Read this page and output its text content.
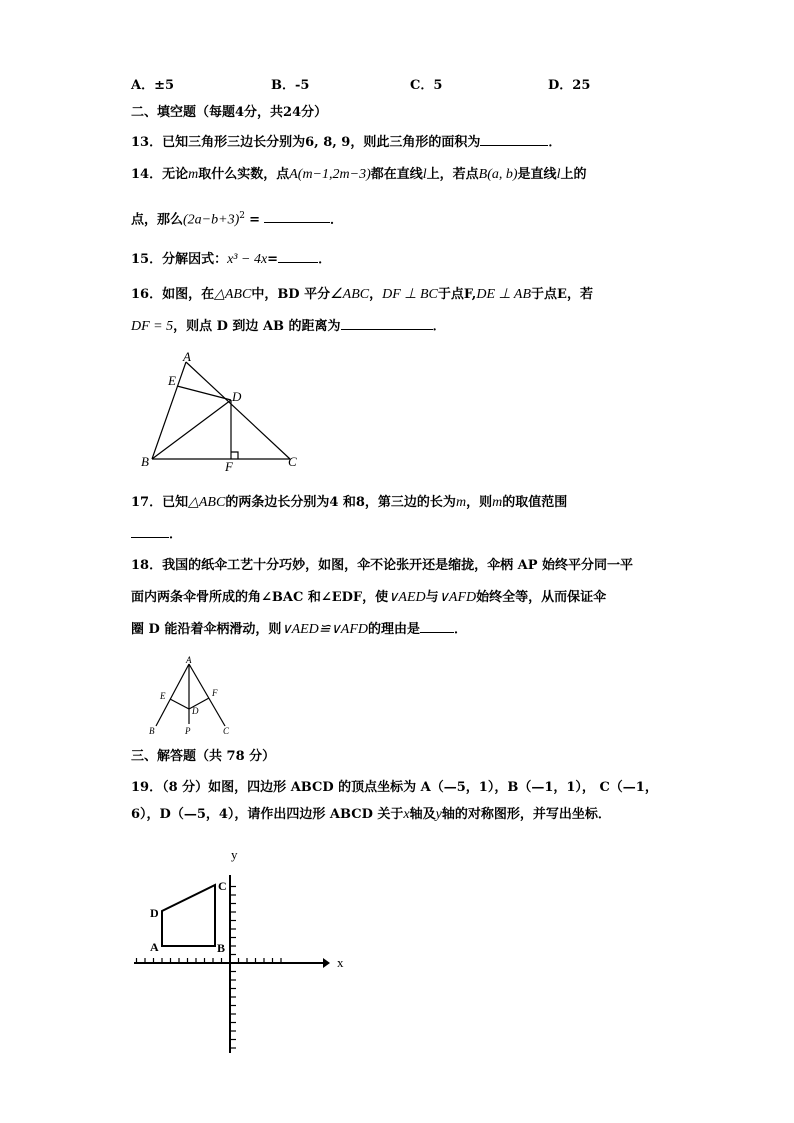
A．±5	B．-5	C．5	D．25
二、填空题（每题4分，共24分）
13．已知三角形三边长分别为6, 8, 9，则此三角形的面积为	．
14．无论m取什么实数，点A(m−1,2m−3)都在直线l上，若点B(a, b)是直线l上的
点，那么$(2a-b+3)^2$ =	．
15．分解因式：x³ − 4x=	．
16．如图，在△ABC中，BD 平分∠ABC，DF ⊥ BC于点F,DE ⊥ AB于点E，若
DF = 5，则点 D 到边 AB 的距离为	．
A
E
D
B	F	C
17．已知△ABC的两条边长分别为4 和8，第三边的长为m，则m的取值范围
．
18．我国的纸伞工艺十分巧妙，如图，伞不论张开还是缩拢，伞柄 AP 始终平分同一平
面内两条伞骨所成的角∠BAC 和∠EDF，使∨AED与∨AFD始终全等，从而保证伞
圈 D 能沿着伞柄滑动，则∨AED≌∨AFD的理由是	．
A
E	F
D
B	P	C
三、解答题（共 78 分）
19．（8 分）如图，四边形 ABCD 的顶点坐标为 A（—5，1），B（—1，1）， C（—1，
6），D（—5，4），请作出四边形 ABCD 关于x轴及y轴的对称图形，并写出坐标．
A	B
C
D
x
y
